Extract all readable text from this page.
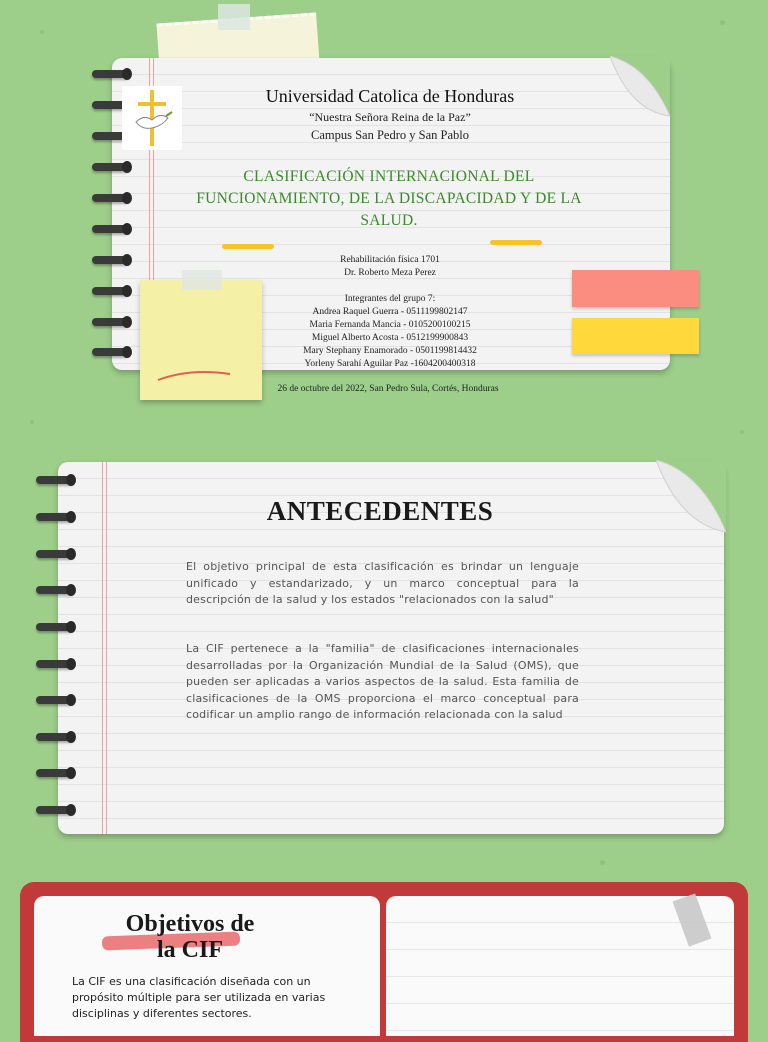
Universidad Catolica de Honduras
“Nuestra Señora Reina de la Paz”
Campus San Pedro y San Pablo
CLASIFICACIÓN INTERNACIONAL DEL
FUNCIONAMIENTO, DE LA DISCAPACIDAD Y DE LA
SALUD.
Rehabilitación física 1701
Dr. Roberto Meza Perez
Integrantes del grupo 7:
Andrea Raquel Guerra - 0511199802147
Maria Fernanda Mancia - 0105200100215
Miguel Alberto Acosta - 0512199900843
Mary Stephany Enamorado - 0501199814432
Yorleny Sarahí Aguilar Paz -1604200400318
26 de octubre del 2022, San Pedro Sula, Cortés, Honduras
ANTECEDENTES
El objetivo principal de esta clasificación es brindar un lenguaje unificado y estandarizado, y un marco conceptual para la descripción de la salud y los estados "relacionados con la salud"
La CIF pertenece a la "familia" de clasificaciones internacionales desarrolladas por la Organización Mundial de la Salud (OMS), que pueden ser aplicadas a varios aspectos de la salud. Esta familia de clasificaciones de la OMS proporciona el marco conceptual para codificar un amplio rango de información relacionada con la salud
Objetivos de
la CIF
La CIF es una clasificación diseñada con un propósito múltiple para ser utilizada en varias disciplinas y diferentes sectores.
